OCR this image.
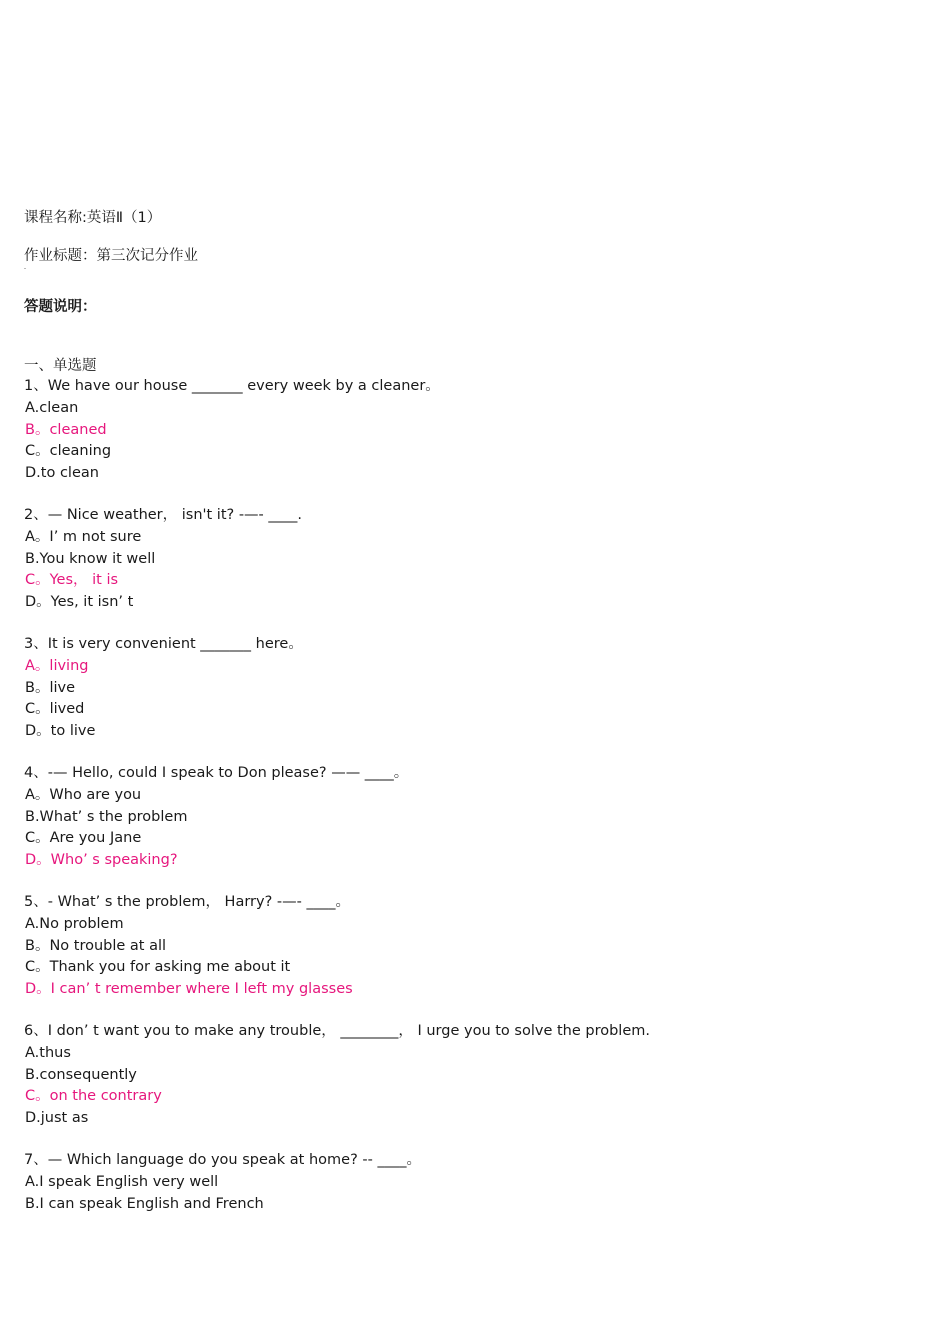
课程名称:英语Ⅱ（1）

作业标题：第三次记分作业

答题说明：

一、单选题

1、We have our house _______ every week by a cleaner。
A.clean
B。cleaned
C。cleaning
D.to clean
2、— Nice weather， isn't it? -—- ____.
A。I’ m not sure
B.You know it well
C。Yes， it is
D。Yes, it isn’ t
3、It is very convenient _______ here。
A。living
B。live
C。lived
D。to live
4、-— Hello, could I speak to Don please? —— ____。
A。Who are you
B.What’ s the problem
C。Are you Jane
D。Who’ s speaking?
5、- What’ s the problem， Harry? -—- ____。
A.No problem
B。No trouble at all
C。Thank you for asking me about it
D。I can’ t remember where I left my glasses
6、I don’ t want you to make any trouble， ________， I urge you to solve the problem.
A.thus
B.consequently
C。on the contrary
D.just as
7、— Which language do you speak at home? -- ____。
A.I speak English very well
B.I can speak English and French
